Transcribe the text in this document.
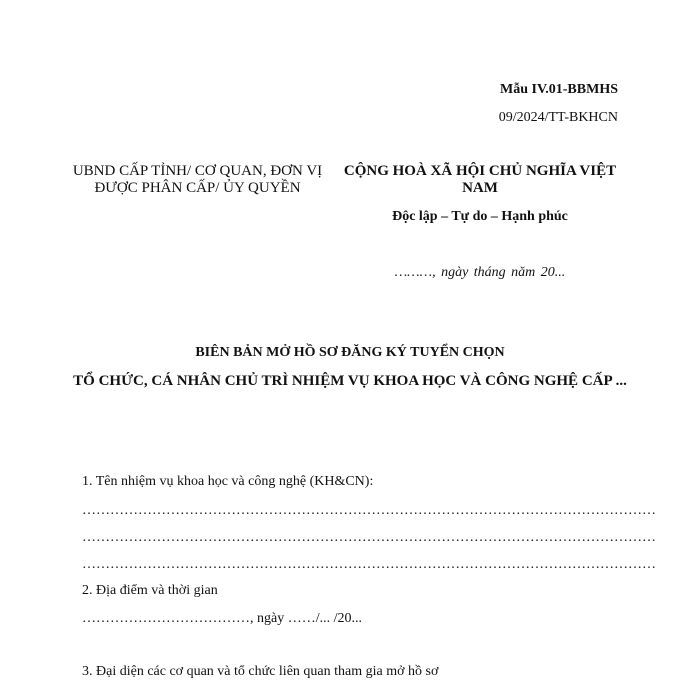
Mẫu IV.01-BBMHS
09/2024/TT-BKHCN
UBND CẤP TỈNH/ CƠ QUAN, ĐƠN VỊ ĐƯỢC PHÂN CẤP/ ỦY QUYỀN
CỘNG HOÀ XÃ HỘI CHỦ NGHĨA VIỆT NAM
Độc lập – Tự do – Hạnh phúc
………, ngày tháng năm 20...
BIÊN BẢN MỞ HỒ SƠ ĐĂNG KÝ TUYỂN CHỌN
TỔ CHỨC, CÁ NHÂN CHỦ TRÌ NHIỆM VỤ KHOA HỌC VÀ CÔNG NGHỆ CẤP ...
1. Tên nhiệm vụ khoa học và công nghệ (KH&CN):
……………………………………………………………………………………………………………
……………………………………………………………………………………………………………
……………………………………………………………………………………………………………
2. Địa điểm và thời gian
………………………………, ngày ……/... /20...
3. Đại diện các cơ quan và tổ chức liên quan tham gia mở hồ sơ
